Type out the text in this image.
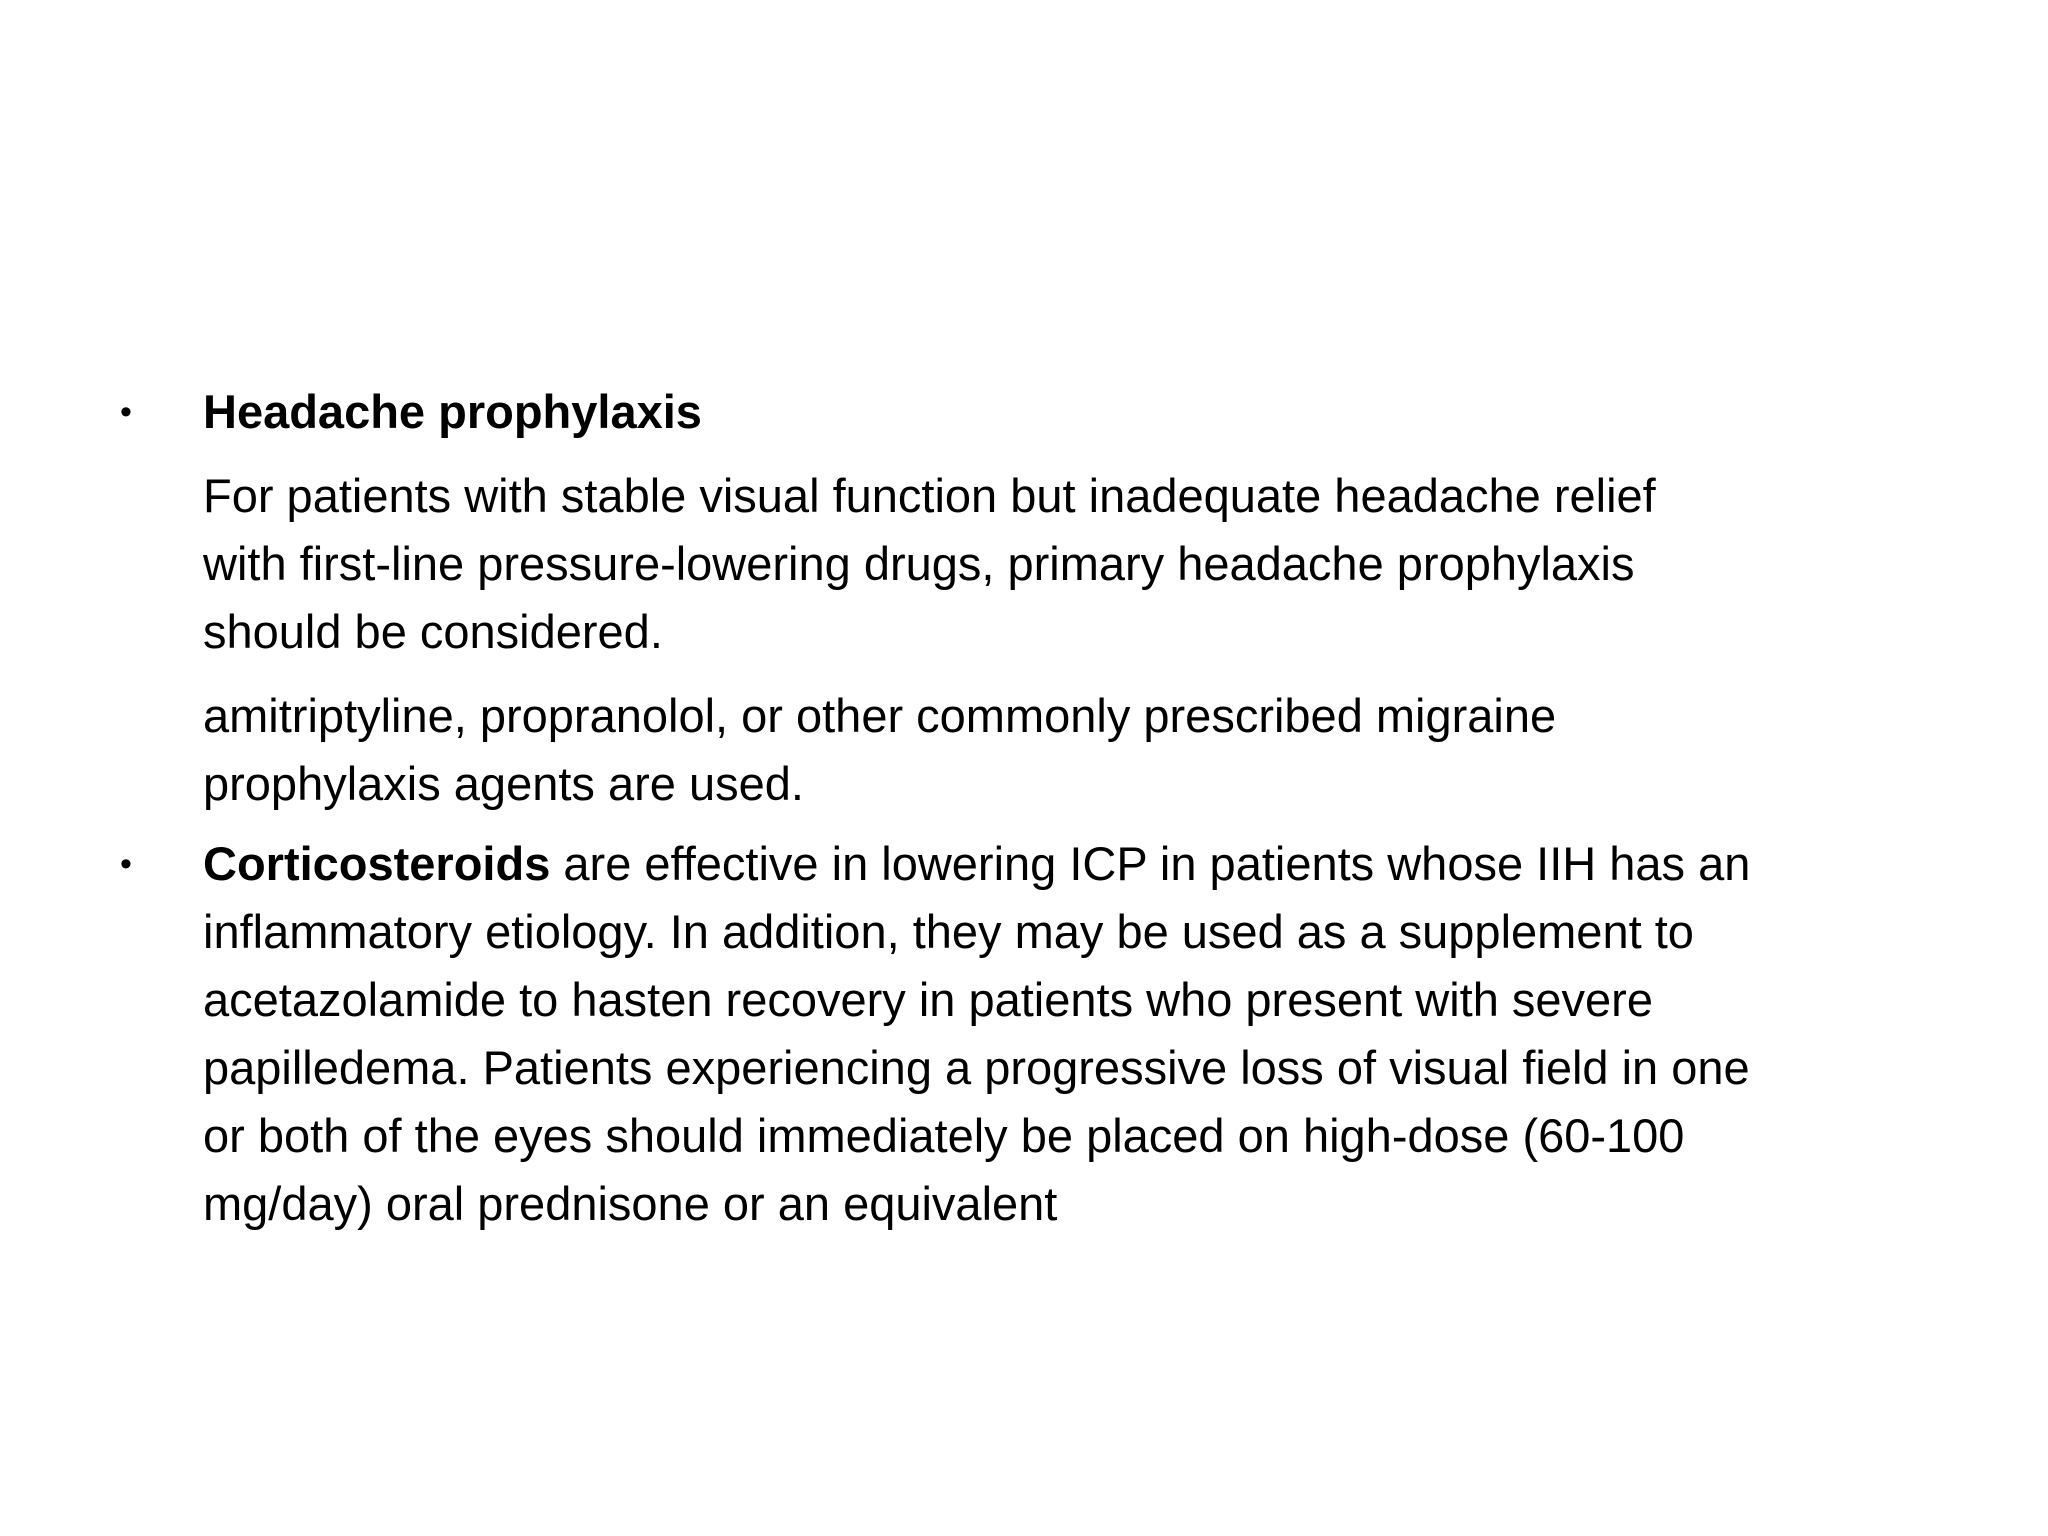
• Headache prophylaxis

For patients with stable visual function but inadequate headache relief
with first-line pressure-lowering drugs, primary headache prophylaxis
should be considered.

amitriptyline, propranolol, or other commonly prescribed migraine
prophylaxis agents are used.

• Corticosteroids are effective in lowering ICP in patients whose IIH has an
inflammatory etiology. In addition, they may be used as a supplement to
acetazolamide to hasten recovery in patients who present with severe
papilledema. Patients experiencing a progressive loss of visual field in one
or both of the eyes should immediately be placed on high-dose (60-100
mg/day) oral prednisone or an equivalent
